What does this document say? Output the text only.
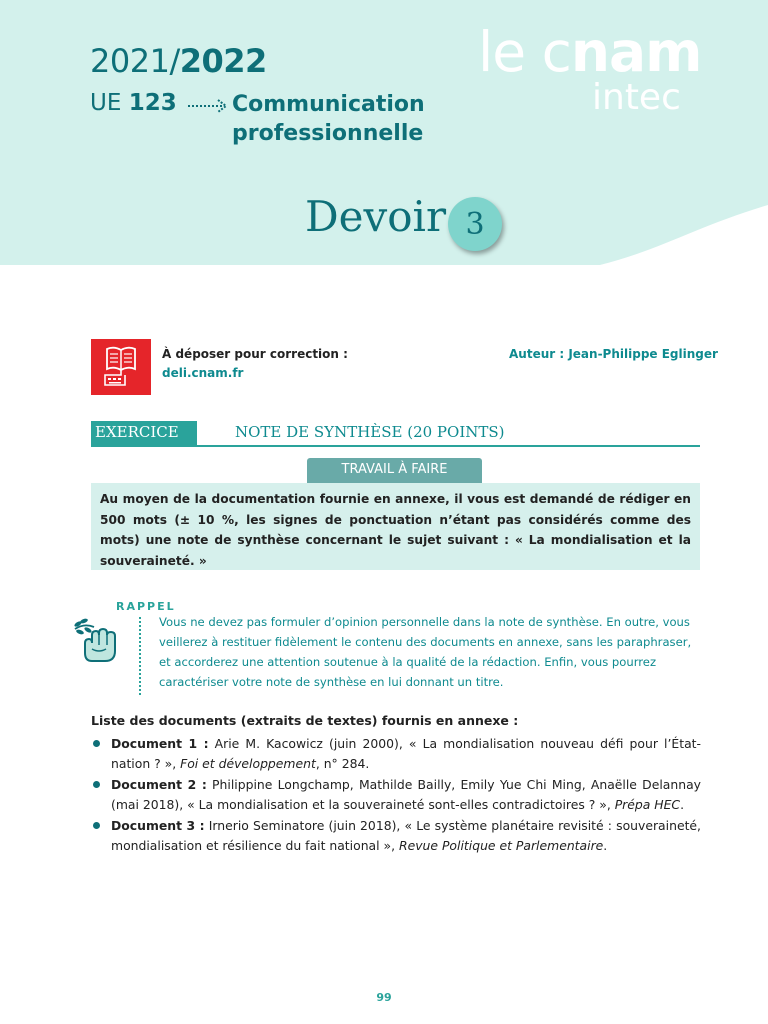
2021/2022
UE 123	Communication
professionnelle
le cnam
intec
Devoir 3
À déposer pour correction :
deli.cnam.fr
Auteur : Jean-Philippe Eglinger
EXERCICE	NOTE DE SYNTHÈSE (20 POINTS)
TRAVAIL À FAIRE
Au moyen de la documentation fournie en annexe, il vous est demandé de rédiger en 500 mots (± 10 %, les signes de ponctuation n’étant pas considérés comme des mots) une note de synthèse concernant le sujet suivant : « La mondialisation et la souveraineté. »
RAPPEL
Vous ne devez pas formuler d’opinion personnelle dans la note de synthèse. En outre, vous veillerez à restituer fidèlement le contenu des documents en annexe, sans les paraphraser, et accorderez une attention soutenue à la qualité de la rédaction. Enfin, vous pourrez caractériser votre note de synthèse en lui donnant un titre.
Liste des documents (extraits de textes) fournis en annexe :
Document 1 : Arie M. Kacowicz (juin 2000), « La mondialisation nouveau défi pour l’État-nation ? », Foi et développement, n° 284.
Document 2 : Philippine Longchamp, Mathilde Bailly, Emily Yue Chi Ming, Anaëlle Delannay (mai 2018), « La mondialisation et la souveraineté sont-elles contradictoires ? », Prépa HEC.
Document 3 : Irnerio Seminatore (juin 2018), « Le système planétaire revisité : souveraineté, mondialisation et résilience du fait national », Revue Politique et Parlementaire.
99
